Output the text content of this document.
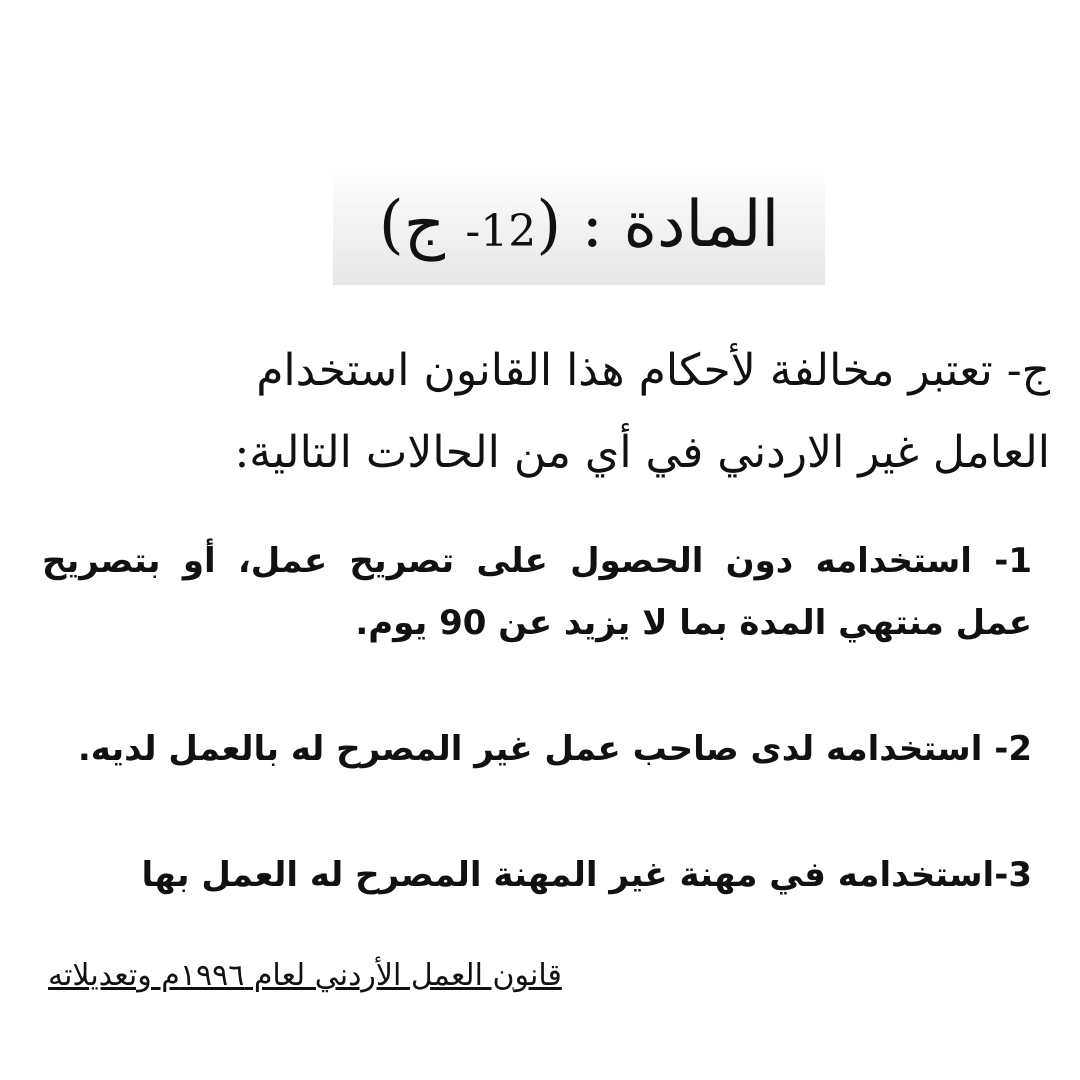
المادة : (12- ج)
ج- تعتبر مخالفة لأحكام هذا القانون استخدام
العامل غير الاردني في أي من الحالات التالية:
1- استخدامه دون الحصول على تصريح عمل، أو بتصريح عمل منتهي المدة بما لا يزيد عن 90 يوم.
2- استخدامه لدى صاحب عمل غير المصرح له بالعمل لديه.
3-استخدامه في مهنة غير المهنة المصرح له العمل بها
قانون العمل الأردني لعام ١٩٩٦م وتعديلاته
